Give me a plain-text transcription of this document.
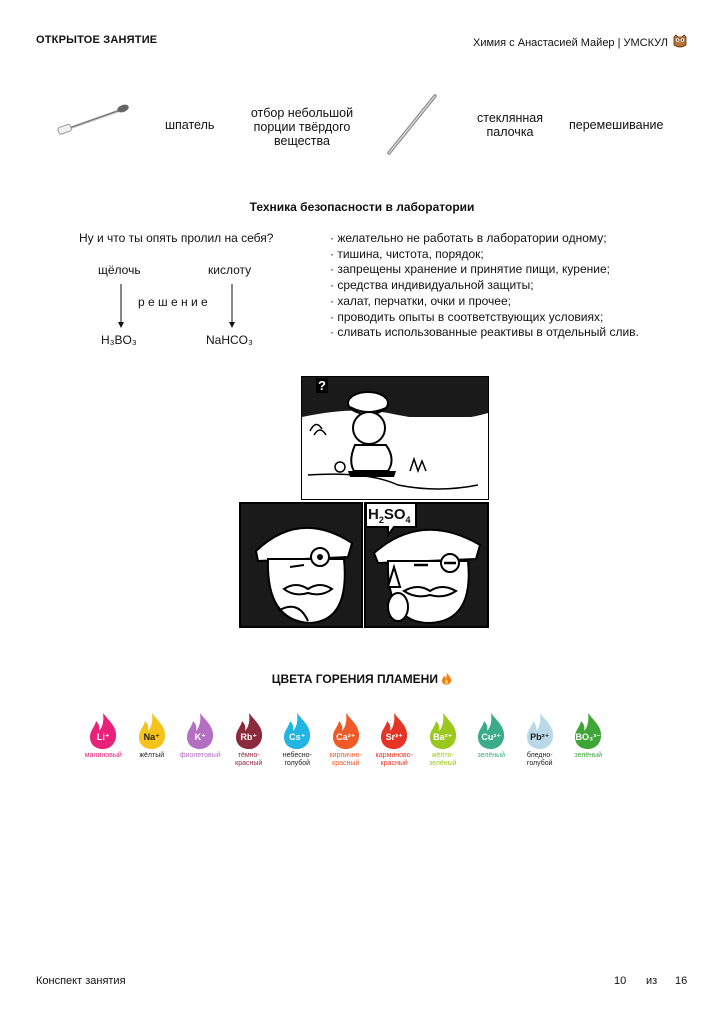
ОТКРЫТОЕ ЗАНЯТИЕ	Химия с Анастасией Майер | УМСКУЛ
шпатель
отбор небольшой порции твёрдого вещества
стеклянная палочка	перемешивание
Техника безопасности в лаборатории
Ну и что ты опять пролил на себя?
щёлочь	кислоту
р е ш е н и е
H₃BO₃	NaHCO₃
· желательно не работать в лаборатории одному;
· тишина, чистота, порядок;
· запрещены хранение и принятие пищи, курение;
· средства индивидуальной защиты;
· халат, перчатки, очки и прочее;
· проводить опыты в соответствующих условиях;
· сливать использованные реактивы в отдельный слив.
?
$H_2SO_4$
ЦВЕТА ГОРЕНИЯ ПЛАМЕНИ
Li⁺
малиновый
Na⁺
жёлтый
K⁺
фиолетовый
Rb⁺
тёмно-
красный
Cs⁺
небесно-
голубой
Ca²⁺
кирпично-
красный
Sr²⁺
карминово-
красный
Ba²⁺
жёлто-
зелёный
Cu²⁺
зелёный
Pb²⁺
бледно-
голубой
BO₃³⁻
зелёный
Конспект занятия	10 из 16
